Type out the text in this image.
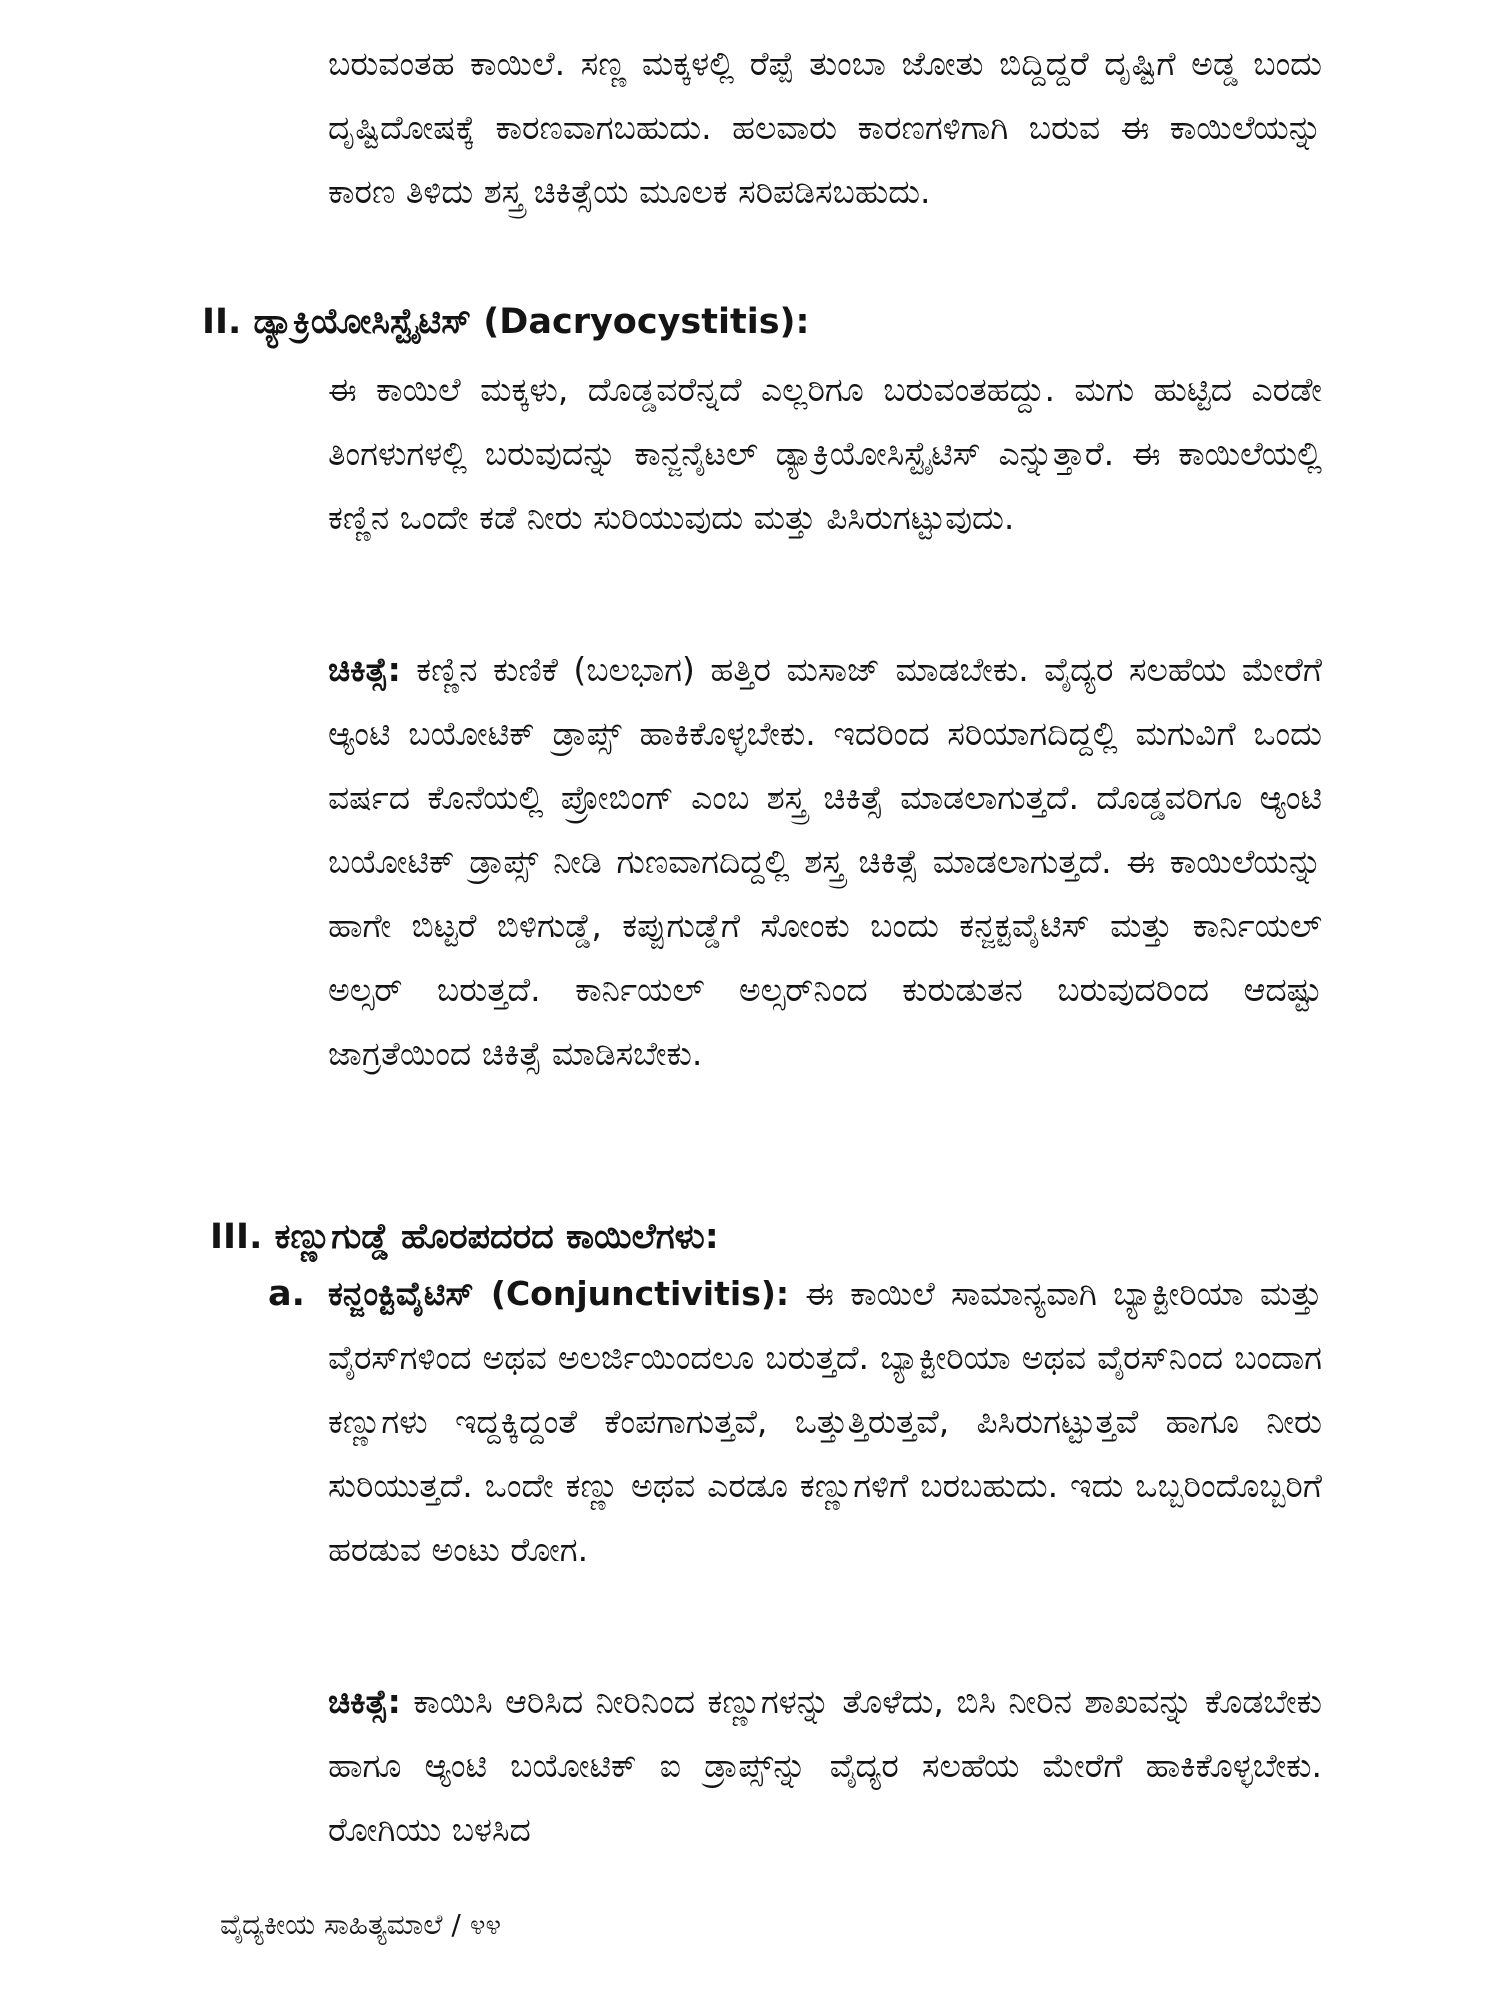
ಬರುವಂತಹ ಕಾಯಿಲೆ. ಸಣ್ಣ ಮಕ್ಕಳಲ್ಲಿ ರೆಪ್ಪೆ ತುಂಬಾ ಜೋತು ಬಿದ್ದಿದ್ದರೆ ದೃಷ್ಟಿಗೆ ಅಡ್ಡ ಬಂದು ದೃಷ್ಟಿದೋಷಕ್ಕೆ ಕಾರಣವಾಗಬಹುದು. ಹಲವಾರು ಕಾರಣಗಳಿಗಾಗಿ ಬರುವ ಈ ಕಾಯಿಲೆಯನ್ನು ಕಾರಣ ತಿಳಿದು ಶಸ್ತ್ರ ಚಿಕಿತ್ಸೆಯ ಮೂಲಕ ಸರಿಪಡಿಸಬಹುದು.

II. ಡ್ಯಾಕ್ರಿಯೋಸಿಸ್ಟೈಟಿಸ್ (Dacryocystitis):

ಈ ಕಾಯಿಲೆ ಮಕ್ಕಳು, ದೊಡ್ಡವರೆನ್ನದೆ ಎಲ್ಲರಿಗೂ ಬರುವಂತಹದ್ದು. ಮಗು ಹುಟ್ಟಿದ ಎರಡೇ ತಿಂಗಳುಗಳಲ್ಲಿ ಬರುವುದನ್ನು ಕಾನ್ಜನೈಟಲ್ ಡ್ಯಾಕ್ರಿಯೋಸಿಸ್ಟೈಟಿಸ್ ಎನ್ನುತ್ತಾರೆ. ಈ ಕಾಯಿಲೆಯಲ್ಲಿ ಕಣ್ಣಿನ ಒಂದೇ ಕಡೆ ನೀರು ಸುರಿಯುವುದು ಮತ್ತು ಪಿಸಿರುಗಟ್ಟುವುದು.

ಚಿಕಿತ್ಸೆ: ಕಣ್ಣಿನ ಕುಣಿಕೆ (ಬಲಭಾಗ) ಹತ್ತಿರ ಮಸಾಜ್ ಮಾಡಬೇಕು. ವೈದ್ಯರ ಸಲಹೆಯ ಮೇರೆಗೆ ಆ್ಯಂಟಿ ಬಯೋಟಿಕ್ ಡ್ರಾಪ್ಸ್ ಹಾಕಿಕೊಳ್ಳಬೇಕು. ಇದರಿಂದ ಸರಿಯಾಗದಿದ್ದಲ್ಲಿ ಮಗುವಿಗೆ ಒಂದು ವರ್ಷದ ಕೊನೆಯಲ್ಲಿ ಪ್ರೋಬಿಂಗ್ ಎಂಬ ಶಸ್ತ್ರ ಚಿಕಿತ್ಸೆ ಮಾಡಲಾಗುತ್ತದೆ. ದೊಡ್ಡವರಿಗೂ ಆ್ಯಂಟಿ ಬಯೋಟಿಕ್ ಡ್ರಾಪ್ಸ್ ನೀಡಿ ಗುಣವಾಗದಿದ್ದಲ್ಲಿ ಶಸ್ತ್ರ ಚಿಕಿತ್ಸೆ ಮಾಡಲಾಗುತ್ತದೆ. ಈ ಕಾಯಿಲೆಯನ್ನು ಹಾಗೇ ಬಿಟ್ಟರೆ ಬಿಳಿಗುಡ್ಡೆ, ಕಪ್ಪುಗುಡ್ಡೆಗೆ ಸೋಂಕು ಬಂದು ಕನ್ಜಕ್ಟವೈಟಿಸ್ ಮತ್ತು ಕಾರ್ನಿಯಲ್ ಅಲ್ಸರ್ ಬರುತ್ತದೆ. ಕಾರ್ನಿಯಲ್ ಅಲ್ಸರ್‌ನಿಂದ ಕುರುಡುತನ ಬರುವುದರಿಂದ ಆದಷ್ಟು ಜಾಗ್ರತೆಯಿಂದ ಚಿಕಿತ್ಸೆ ಮಾಡಿಸಬೇಕು.

III. ಕಣ್ಣುಗುಡ್ಡೆ ಹೊರಪದರದ ಕಾಯಿಲೆಗಳು:

a. ಕನ್ಜಂಕ್ಟಿವೈಟಿಸ್ (Conjunctivitis): ಈ ಕಾಯಿಲೆ ಸಾಮಾನ್ಯವಾಗಿ ಬ್ಯಾಕ್ಟೀರಿಯಾ ಮತ್ತು ವೈರಸ್‌ಗಳಿಂದ ಅಥವ ಅಲರ್ಜಿಯಿಂದಲೂ ಬರುತ್ತದೆ. ಬ್ಯಾಕ್ಟೀರಿಯಾ ಅಥವ ವೈರಸ್‌ನಿಂದ ಬಂದಾಗ ಕಣ್ಣುಗಳು ಇದ್ದಕ್ಕಿದ್ದಂತೆ ಕೆಂಪಗಾಗುತ್ತವೆ, ಒತ್ತುತ್ತಿರುತ್ತವೆ, ಪಿಸಿರುಗಟ್ಟುತ್ತವೆ ಹಾಗೂ ನೀರು ಸುರಿಯುತ್ತದೆ. ಒಂದೇ ಕಣ್ಣು ಅಥವ ಎರಡೂ ಕಣ್ಣುಗಳಿಗೆ ಬರಬಹುದು. ಇದು ಒಬ್ಬರಿಂದೊಬ್ಬರಿಗೆ ಹರಡುವ ಅಂಟು ರೋಗ.

ಚಿಕಿತ್ಸೆ: ಕಾಯಿಸಿ ಆರಿಸಿದ ನೀರಿನಿಂದ ಕಣ್ಣುಗಳನ್ನು ತೊಳೆದು, ಬಿಸಿ ನೀರಿನ ಶಾಖವನ್ನು ಕೊಡಬೇಕು ಹಾಗೂ ಆ್ಯಂಟಿ ಬಯೋಟಿಕ್ ಐ ಡ್ರಾಪ್ಸ್‌ನ್ನು ವೈದ್ಯರ ಸಲಹೆಯ ಮೇರೆಗೆ ಹಾಕಿಕೊಳ್ಳಬೇಕು. ರೋಗಿಯು ಬಳಸಿದ

ವೈದ್ಯಕೀಯ ಸಾಹಿತ್ಯಮಾಲೆ / ೪೪
